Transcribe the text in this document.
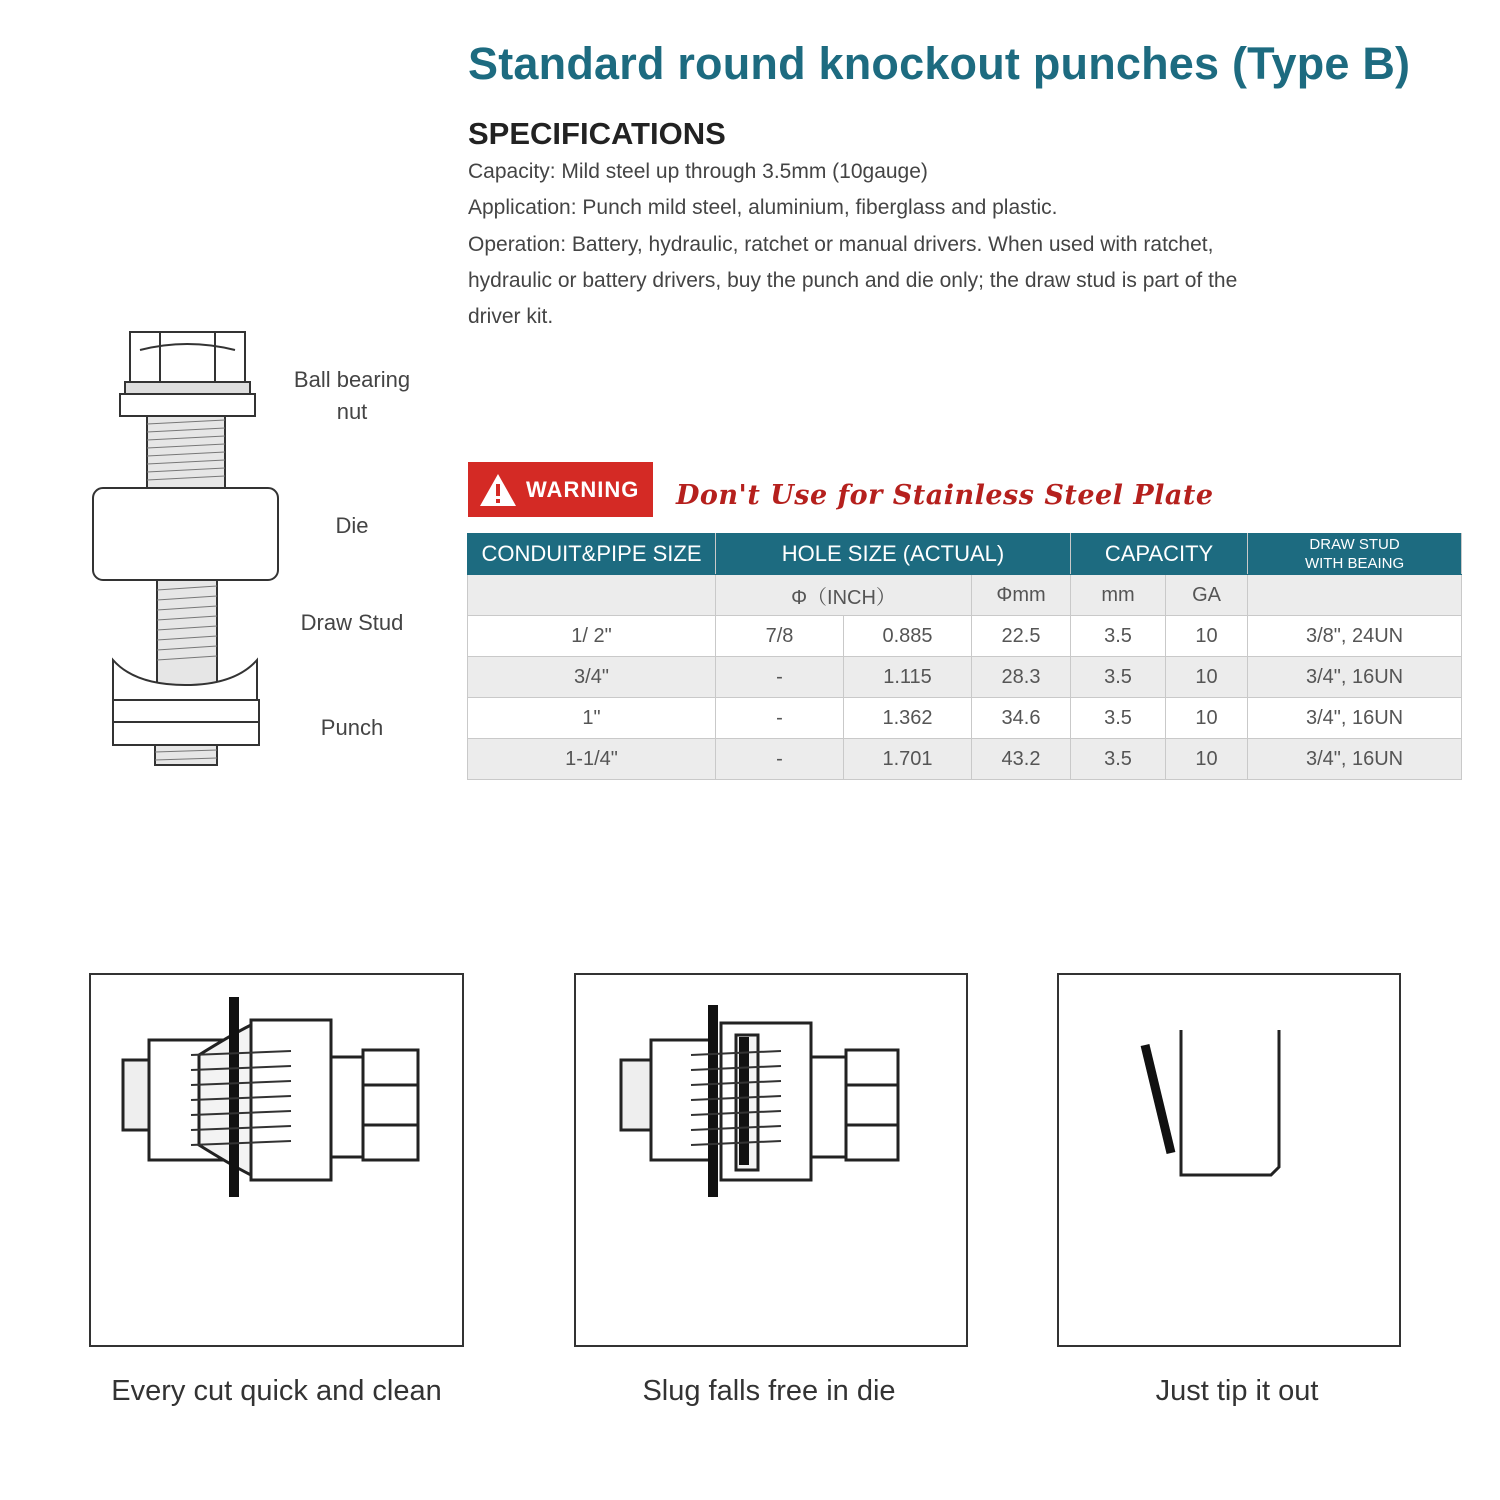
Standard round knockout punches (Type B)
SPECIFICATIONS
Capacity: Mild steel up through 3.5mm (10gauge)
Application: Punch mild steel, aluminium, fiberglass and plastic.
Operation: Battery, hydraulic, ratchet or manual drivers. When used with ratchet,
hydraulic or battery drivers, buy the punch and die only; the draw stud is part of the
driver kit.
Ball bearing
nut
Die
Draw Stud
Punch
WARNING Don't Use for Stainless Steel Plate
CONDUIT&PIPE SIZE	HOLE SIZE (ACTUAL)			CAPACITY		DRAW STUD
WITH BEAING

	Φ（INCH）		Φmm	mm	GA	
1/ 2"	7/8	0.885	22.5	3.5	10	3/8", 24UN
3/4"	-	1.115	28.3	3.5	10	3/4", 16UN
1"	-	1.362	34.6	3.5	10	3/4", 16UN
1-1/4"	-	1.701	43.2	3.5	10	3/4", 16UN
Every cut quick and clean	Slug falls free in die	Just tip it out
